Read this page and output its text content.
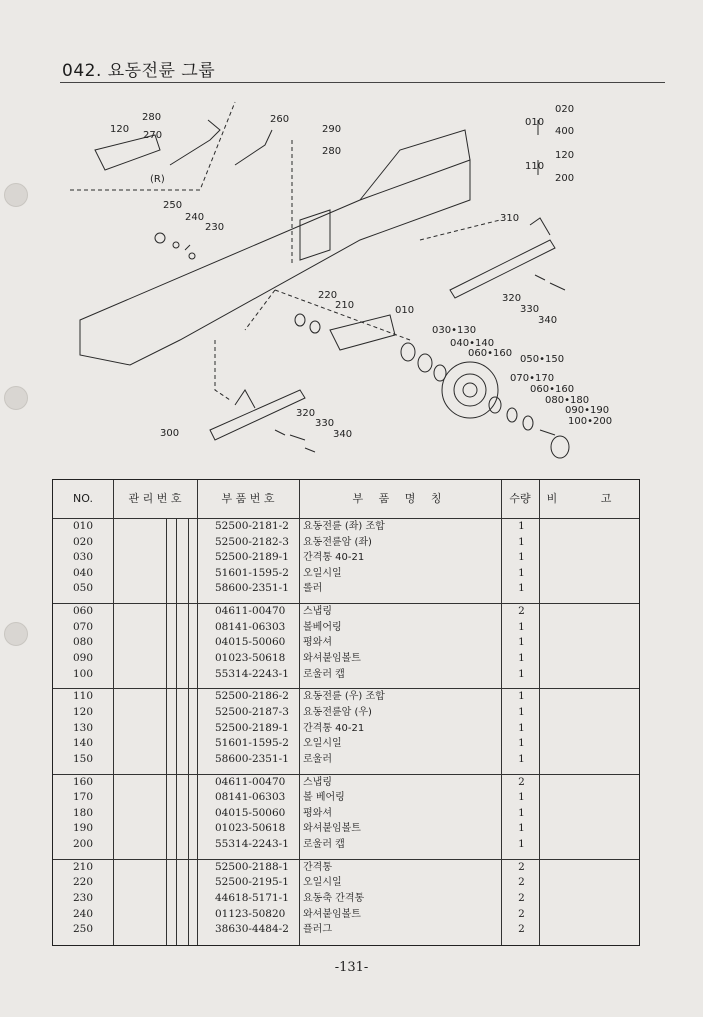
042. 요동전륜 그룹
280
270
120
(R)
260
290
280
250
240
230
220
210	010
030•130
040•140
060•160
050•150
070•170
060•160
080•180
090•190
100•200
310
320
330
340
300
320
330
340
010
020
400
110
120
200
NO.	관 리 번 호	부 품 번 호	부 품 명 칭	수량	비 고
010	52500-2181-2	요동전륜 (좌) 조합	1
020	52500-2182-3	요동전륜암 (좌)	1
030	52500-2189-1	간격통 40-21	1
040	51601-1595-2	오일시일	1
050	58600-2351-1	롤러	1
060	04611-00470	스냅링	2
070	08141-06303	볼베어링	1
080	04015-50060	평와셔	1
090	01023-50618	와셔붙임볼트	1
100	55314-2243-1	로울러 캡	1
110	52500-2186-2	요동전륜 (우) 조합	1
120	52500-2187-3	요동전륜암 (우)	1
130	52500-2189-1	간격통 40-21	1
140	51601-1595-2	오일시일	1
150	58600-2351-1	로울러	1
160	04611-00470	스냅링	2
170	08141-06303	볼 베어링	1
180	04015-50060	평와셔	1
190	01023-50618	와셔붙임볼트	1
200	55314-2243-1	로울러 캡	1
210	52500-2188-1	간격통	2
220	52500-2195-1	오일시일	2
230	44618-5171-1	요동축 간격통	2
240	01123-50820	와셔붙임볼트	2
250	38630-4484-2	플러그	2
-131-
